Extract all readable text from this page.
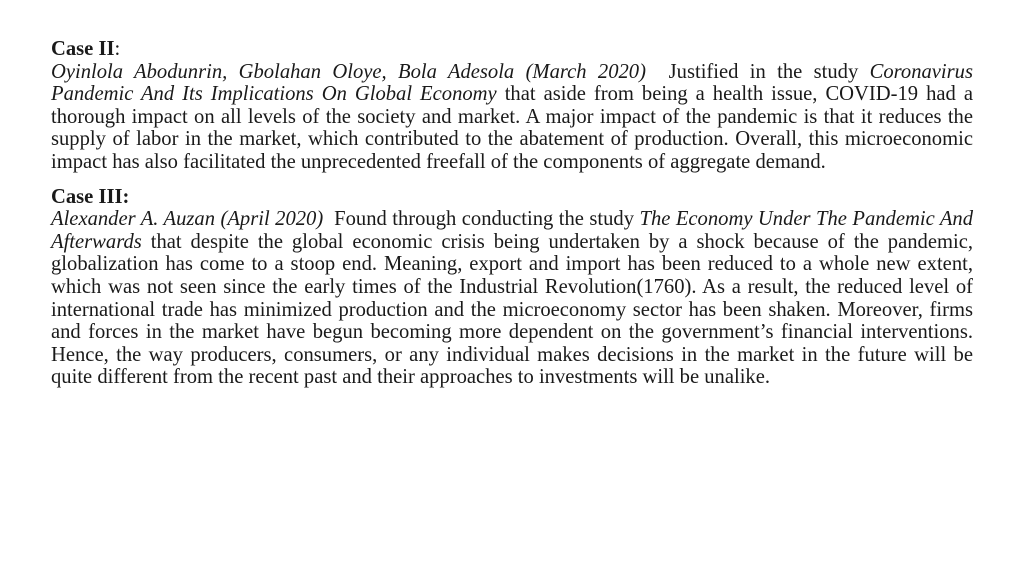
Case II:
Oyinlola Abodunrin, Gbolahan Oloye, Bola Adesola (March 2020) Justified in the study Coronavirus Pandemic And Its Implications On Global Economy that aside from being a health issue, COVID-19 had a thorough impact on all levels of the society and market. A major impact of the pandemic is that it reduces the supply of labor in the market, which contributed to the abatement of production. Overall, this microeconomic impact has also facilitated the unprecedented freefall of the components of aggregate demand.
Case III:
Alexander A. Auzan (April 2020) Found through conducting the study The Economy Under The Pandemic And Afterwards that despite the global economic crisis being undertaken by a shock because of the pandemic, globalization has come to a stoop end. Meaning, export and import has been reduced to a whole new extent, which was not seen since the early times of the Industrial Revolution(1760). As a result, the reduced level of international trade has minimized production and the microeconomy sector has been shaken. Moreover, firms and forces in the market have begun becoming more dependent on the government’s financial interventions. Hence, the way producers, consumers, or any individual makes decisions in the market in the future will be quite different from the recent past and their approaches to investments will be unalike.
